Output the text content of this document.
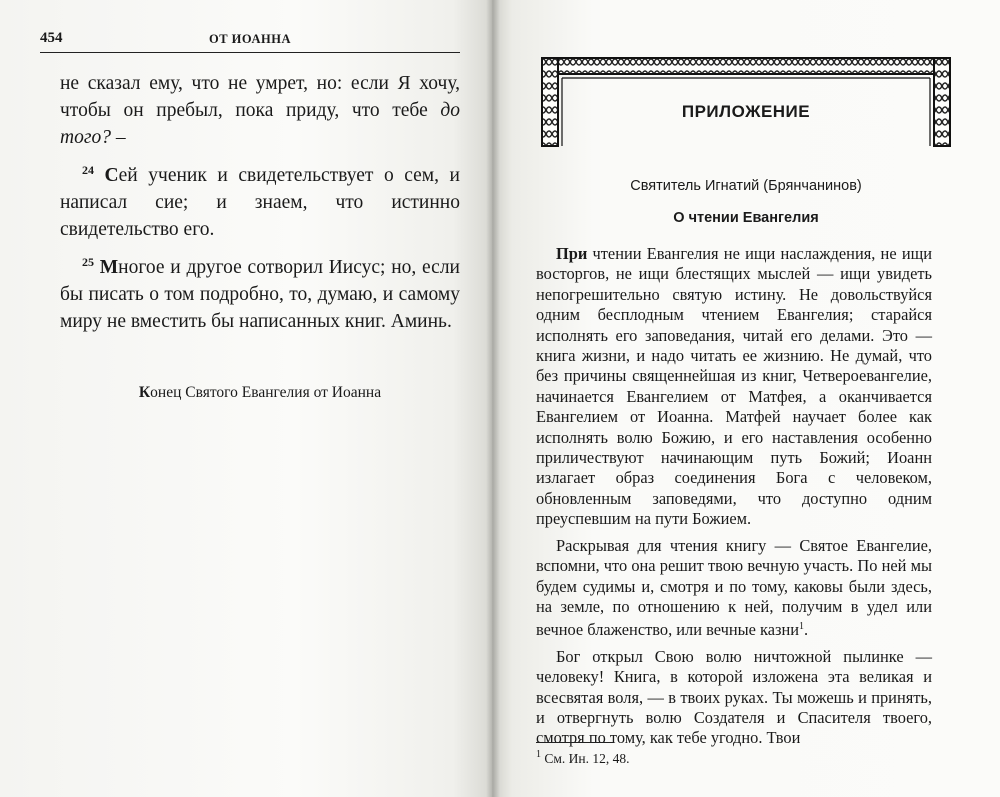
454	ОТ ИОАННА

не сказал ему, что не умрет, но: если Я хочу, чтобы он пребыл, пока приду, что тебе до того? –

$^{24}$ Сей ученик и свидетельствует о сем, и написал сие; и знаем, что истинно свидетельство его.

$^{25}$ Многое и другое сотворил Иисус; но, если бы писать о том подробно, то, думаю, и самому миру не вместить бы написанных книг. Аминь.

Конец Святого Евангелия от Иоанна
ПРИЛОЖЕНИЕ
Святитель Игнатий (Брянчанинов)
О чтении Евангелия

При чтении Евангелия не ищи наслаждения, не ищи восторгов, не ищи блестящих мыслей — ищи увидеть непогрешительно святую истину. Не довольствуйся одним бесплодным чтением Евангелия; старайся исполнять его заповедания, читай его делами. Это — книга жизни, и надо читать ее жизнию. Не думай, что без причины священнейшая из книг, Четвероевангелие, начинается Евангелием от Матфея, а оканчивается Евангелием от Иоанна. Матфей научает более как исполнять волю Божию, и его наставления особенно приличествуют начинающим путь Божий; Иоанн излагает образ соединения Бога с человеком, обновленным заповедями, что доступно одним преуспевшим на пути Божием.

Раскрывая для чтения книгу — Святое Евангелие, вспомни, что она решит твою вечную участь. По ней мы будем судимы и, смотря и по тому, каковы были здесь, на земле, по отношению к ней, получим в удел или вечное блаженство, или вечные казни$^1$.

Бог открыл Свою волю ничтожной пылинке — человеку! Книга, в которой изложена эта великая и всесвятая воля, — в твоих руках. Ты можешь и принять, и отвергнуть волю Создателя и Спасителя твоего, смотря по тому, как тебе угодно. Твои

$^1$ См. Ин. 12, 48.
